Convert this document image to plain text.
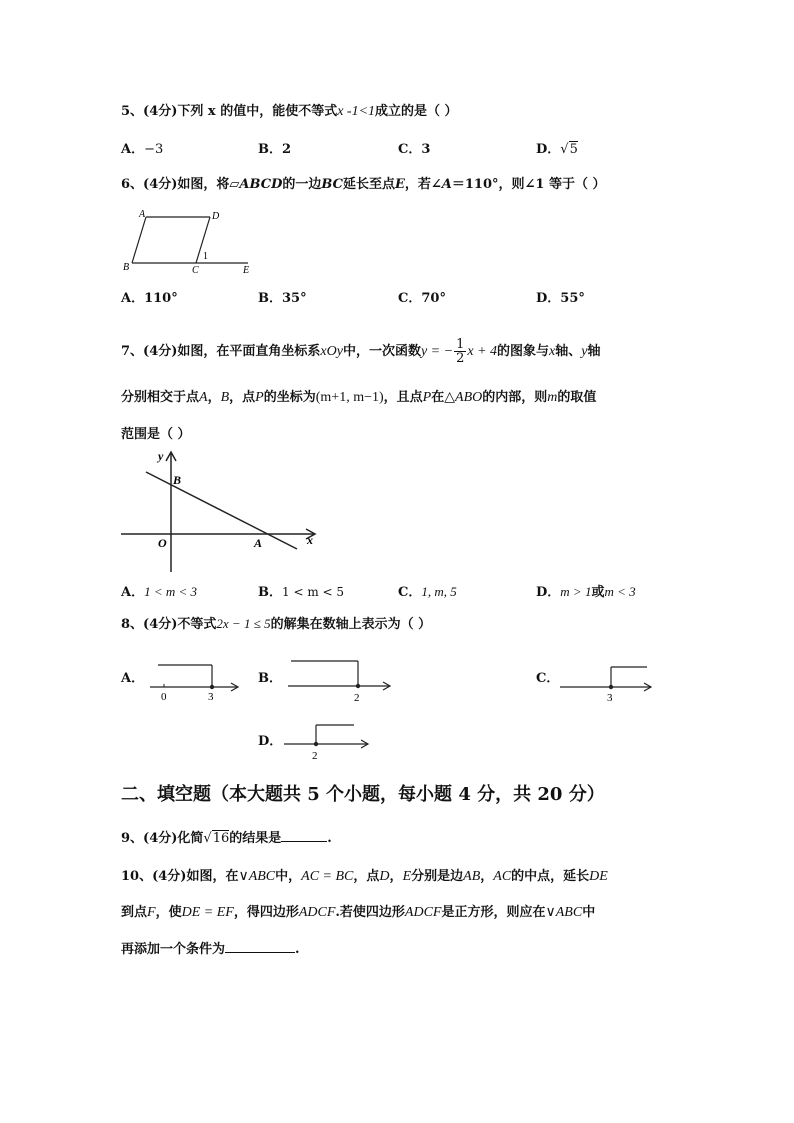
5、(4分)下列 x 的值中，能使不等式x -1<1成立的是（ ）
A．−3	B．2	C．3	D．√5
6、(4分)如图，将▱ABCD的一边BC延长至点E，若∠A＝110°，则∠1 等于（ ）
A	D
B	C	E
1
A．110°	B．35°	C．70°	D．55°
7、(4分)如图，在平面直角坐标系xOy中，一次函数y = − $\frac{1}{2}$ x + 4的图象与x轴、y轴
分别相交于点A，B，点P的坐标为(m+1, m−1)，且点P在△ABO的内部，则m的取值
范围是（ ）
y
B
O	A	x
A．1 < m < 3	B．1 < m < 5	C．1, m, 5	D．m > 1或m < 3
8、(4分)不等式2x − 1 ≤ 5的解集在数轴上表示为（ ）
A．
0	3
B．
2
C．
3
D．
2
二、填空题（本大题共 5 个小题，每小题 4 分，共 20 分）
9、(4分)化简√16的结果是	.
10、(4分)如图，在∨ABC中，AC = BC，点D，E分别是边AB，AC的中点，延长DE
到点F，使DE = EF，得四边形ADCF.若使四边形ADCF是正方形，则应在∨ABC中
再添加一个条件为	.
